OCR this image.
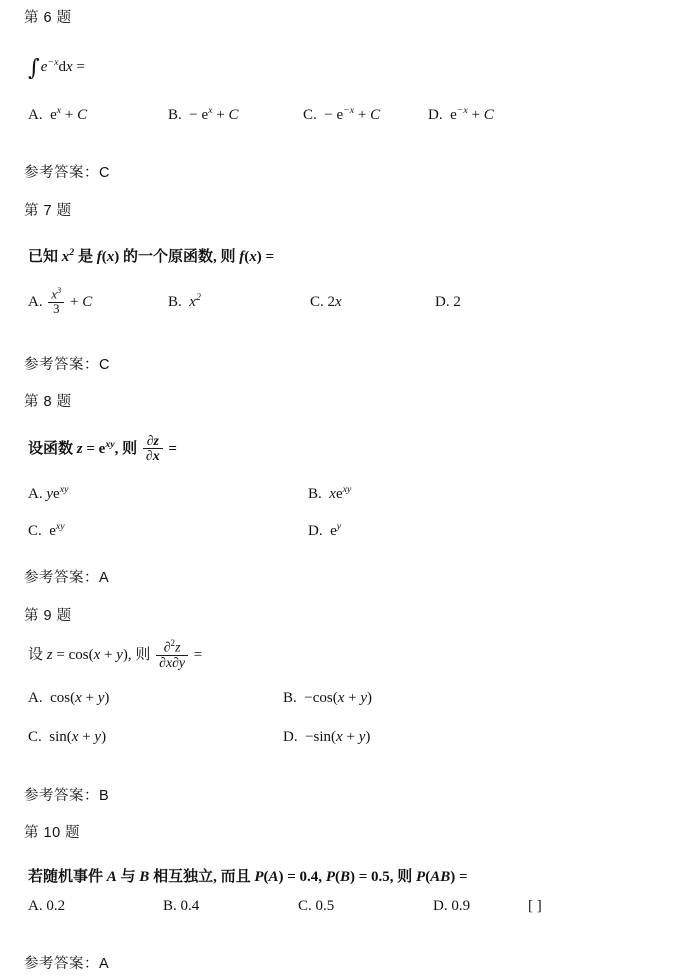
第 6 题
$\int e^{-x}dx$ =
A.  $e^x + C$	B.  − $e^x + C$	C.  − $e^{-x} + C$	D.  $e^{-x} + C$
参考答案：C
第 7 题
已知 $x^2$ 是 f(x) 的一个原函数, 则 f(x) =
A. $\frac{x^3}{3} + C$	B.  $x^2$	C. 2x	D. 2
参考答案：C
第 8 题
设函数 $z = e^{xy}$, 则 $\frac{\partial z}{\partial x}$ =
A. $ye^{xy}$	B.  $xe^{xy}$
C.  $e^{xy}$	D.  $e^y$
参考答案：A
第 9 题
设 z = cos(x + y), 则 $\frac{\partial^2z}{\partial x\partial y}$ =
A.  cos(x + y)	B.  −cos(x + y)
C.  sin(x + y)	D.  −sin(x + y)
参考答案：B
第 10 题
若随机事件 A 与 B 相互独立, 而且 P(A) = 0.4, P(B) = 0.5, 则 P(AB) =
A. 0.2	B. 0.4	C. 0.5	D. 0.9	[ ]
参考答案：A
